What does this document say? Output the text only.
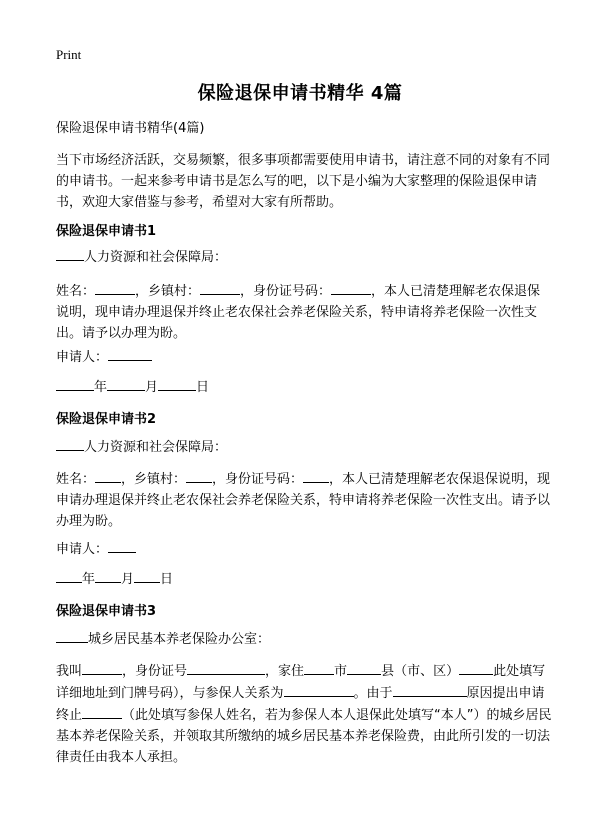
Print
保险退保申请书精华 4篇

保险退保申请书精华(4篇)

当下市场经济活跃，交易频繁，很多事项都需要使用申请书，请注意不同的对象有不同的申请书。一起来参考申请书是怎么写的吧，以下是小编为大家整理的保险退保申请书，欢迎大家借鉴与参考，希望对大家有所帮助。

保险退保申请书1

人力资源和社会保障局：

姓名：	，乡镇村：	，身份证号码：	，本人已清楚理解老农保退保说明，现申请办理退保并终止老农保社会养老保险关系，特申请将养老保险一次性支出。请予以办理为盼。

申请人：

年	月	日

保险退保申请书2

人力资源和社会保障局：

姓名： ，乡镇村： ，身份证号码： ，本人已清楚理解老农保退保说明，现申请办理退保并终止老农保社会养老保险关系，特申请将养老保险一次性支出。请予以办理为盼。

申请人：

年 月 日

保险退保申请书3

城乡居民基本养老保险办公室：

我叫	，身份证号	，家住 市	县（市、区）	此处填写详细地址到门牌号码），与参保人关系为	。由于	原因提出申请终止	（此处填写参保人姓名，若为参保人本人退保此处填写“本人”）的城乡居民基本养老保险关系，并领取其所缴纳的城乡居民基本养老保险费，由此所引发的一切法律责任由我本人承担。
